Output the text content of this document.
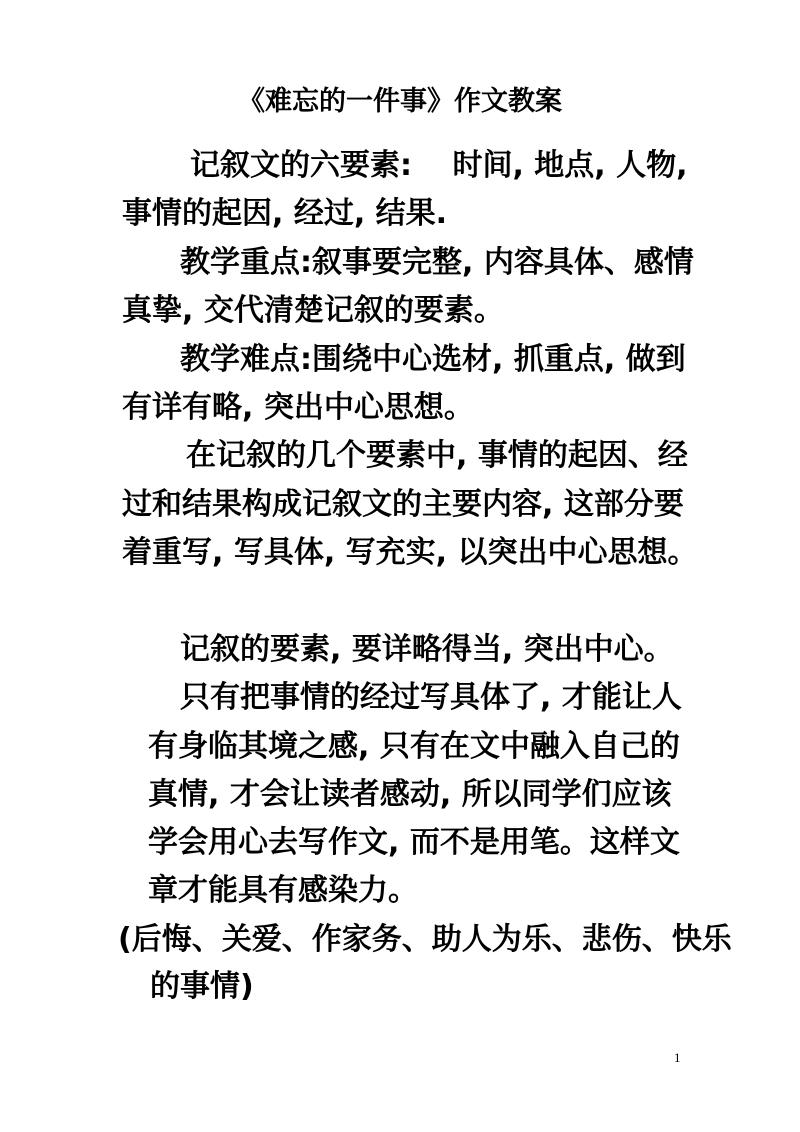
《难忘的一件事》作文教案
记叙文的六要素:　 时间, 地点, 人物,
事情的起因, 经过, 结果.
教学重点:叙事要完整, 内容具体、感情
真挚, 交代清楚记叙的要素。
教学难点:围绕中心选材, 抓重点, 做到
有详有略, 突出中心思想。
在记叙的几个要素中, 事情的起因、经
过和结果构成记叙文的主要内容, 这部分要
着重写, 写具体, 写充实, 以突出中心思想。
记叙的要素, 要详略得当, 突出中心。
只有把事情的经过写具体了, 才能让人
有身临其境之感, 只有在文中融入自己的
真情, 才会让读者感动, 所以同学们应该
学会用心去写作文, 而不是用笔。这样文
章才能具有感染力。
(后悔、关爱、作家务、助人为乐、悲伤、快乐
的事情)
1
